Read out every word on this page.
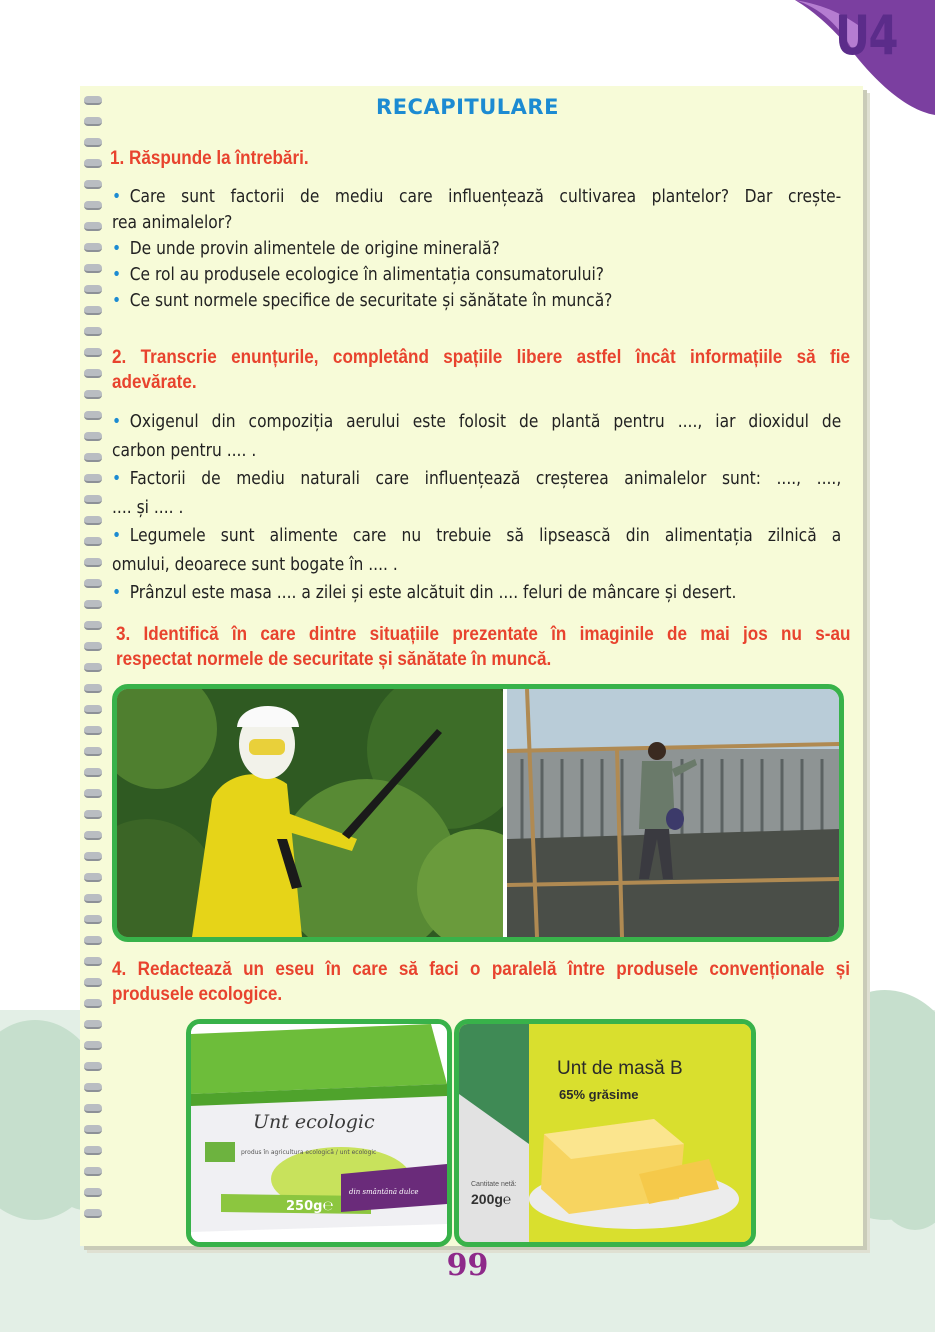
U4
RECAPITULARE
1. Răspunde la întrebări.
• Care sunt factorii de mediu care influențează cultivarea plantelor? Dar crește-
rea animalelor?
• De unde provin alimentele de origine minerală?
• Ce rol au produsele ecologice în alimentația consumatorului?
• Ce sunt normele specifice de securitate și sănătate în muncă?
2. Transcrie enunțurile, completând spațiile libere astfel încât informațiile să fie
adevărate.
• Oxigenul din compoziția aerului este folosit de plantă pentru ...., iar dioxidul de
carbon pentru .... .
• Factorii de mediu naturali care influențează creșterea animalelor sunt: ...., ....,
.... și .... .
• Legumele sunt alimente care nu trebuie să lipsească din alimentația zilnică a
omului, deoarece sunt bogate în .... .
• Prânzul este masa .... a zilei și este alcătuit din .... feluri de mâncare și desert.
3. Identifică în care dintre situațiile prezentate în imaginile de mai jos nu s-au
respectat normele de securitate și sănătate în muncă.
4. Redactează un eseu în care să faci o paralelă între produsele convenționale și
produsele ecologice.
Unt ecologic
produs în agricultura ecologică / unt ecologic
250g℮
din smântână dulce
Unt de masă B
65% grăsime
Cantitate netă:
200g℮
99
